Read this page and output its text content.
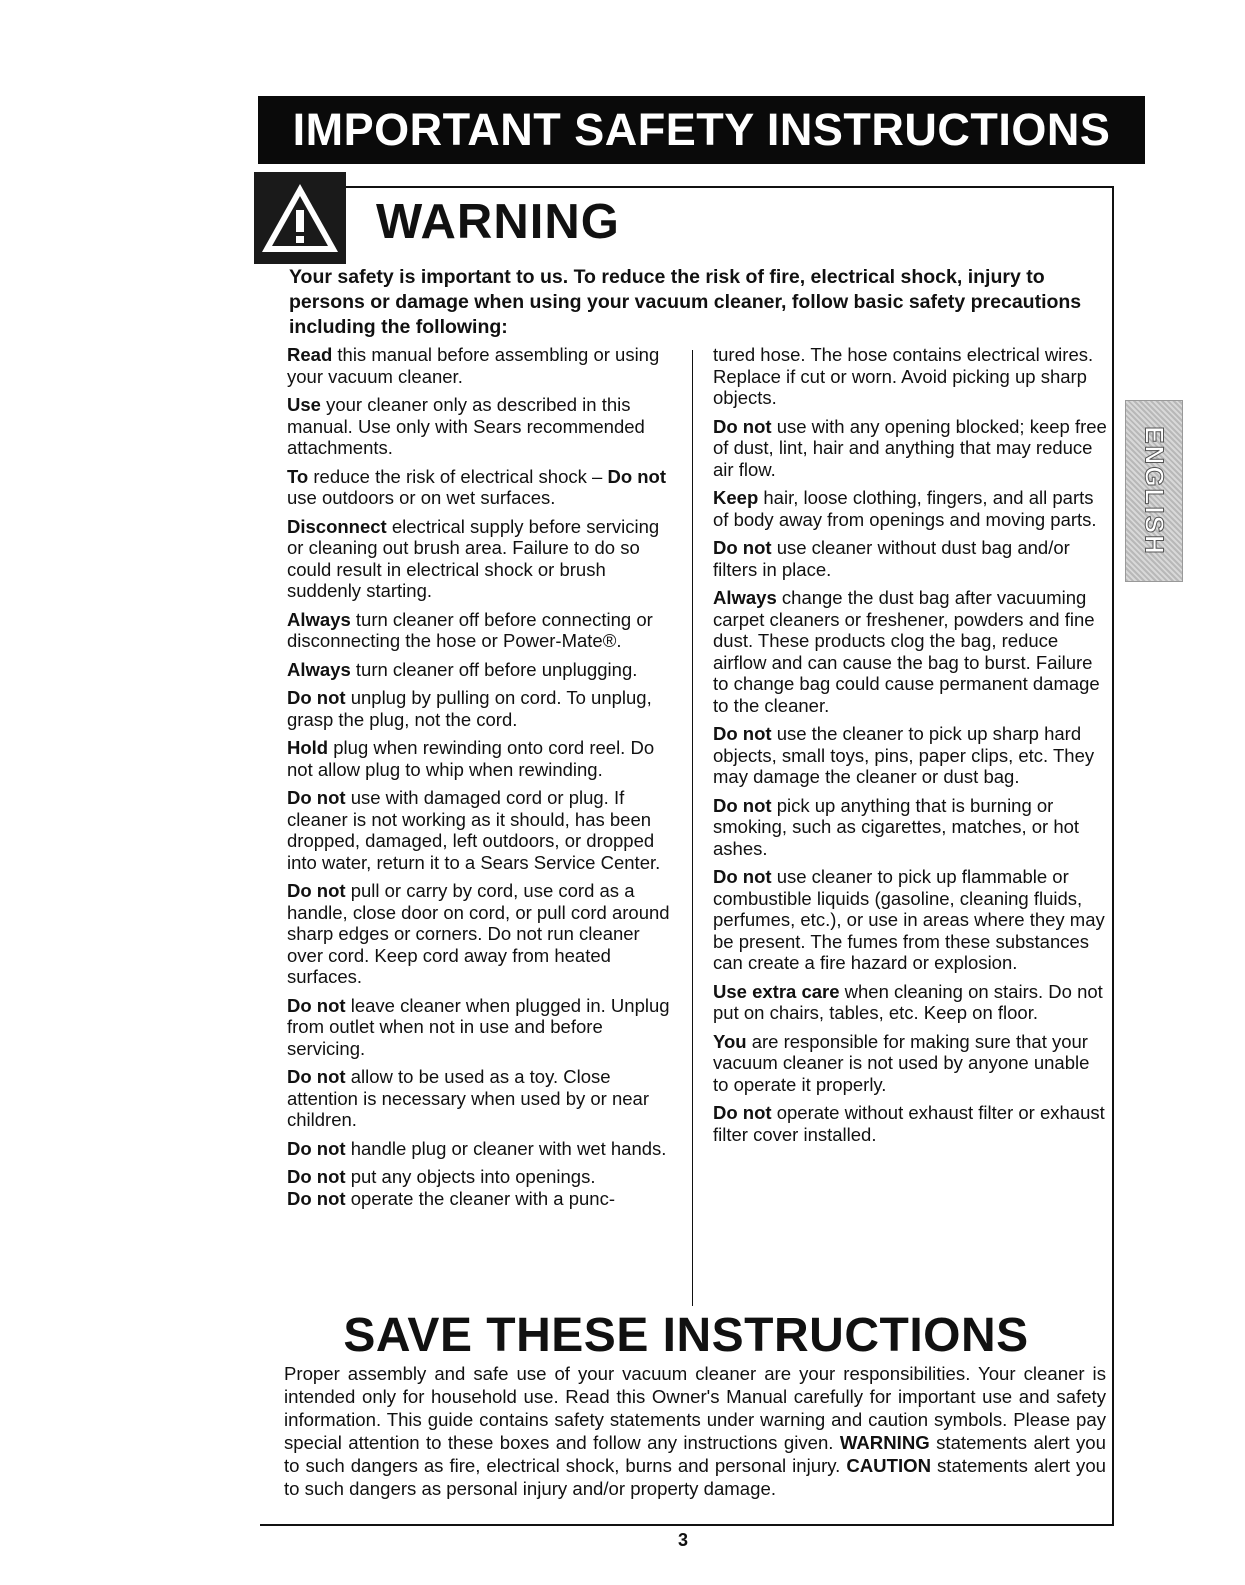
IMPORTANT SAFETY INSTRUCTIONS
WARNING
Your safety is important to us. To reduce the risk of fire, electrical shock, injury to persons or damage when using your vacuum cleaner, follow basic safety precautions including the following:
Read this manual before assembling or using your vacuum cleaner.
Use your cleaner only as described in this manual. Use only with Sears recommended attachments.
To reduce the risk of electrical shock – Do not use outdoors or on wet surfaces.
Disconnect electrical supply before servicing or cleaning out brush area. Failure to do so could result in electrical shock or brush suddenly starting.
Always turn cleaner off before connecting or disconnecting the hose or Power-Mate®.
Always turn cleaner off before unplugging.
Do not unplug by pulling on cord. To unplug, grasp the plug, not the cord.
Hold plug when rewinding onto cord reel. Do not allow plug to whip when rewinding.
Do not use with damaged cord or plug. If cleaner is not working as it should, has been dropped, damaged, left outdoors, or dropped into water, return it to a Sears Service Center.
Do not pull or carry by cord, use cord as a handle, close door on cord, or pull cord around sharp edges or corners. Do not run cleaner over cord. Keep cord away from heated surfaces.
Do not leave cleaner when plugged in. Unplug from outlet when not in use and before servicing.
Do not allow to be used as a toy. Close attention is necessary when used by or near children.
Do not handle plug or cleaner with wet hands.
Do not put any objects into openings.
Do not operate the cleaner with a punc-
tured hose. The hose contains electrical wires. Replace if cut or worn. Avoid picking up sharp objects.
Do not use with any opening blocked; keep free of dust, lint, hair and anything that may reduce air flow.
Keep hair, loose clothing, fingers, and all parts of body away from openings and moving parts.
Do not use cleaner without dust bag and/or filters in place.
Always change the dust bag after vacuuming carpet cleaners or freshener, powders and fine dust. These products clog the bag, reduce airflow and can cause the bag to burst. Failure to change bag could cause permanent damage to the cleaner.
Do not use the cleaner to pick up sharp hard objects, small toys, pins, paper clips, etc. They may damage the cleaner or dust bag.
Do not pick up anything that is burning or smoking, such as cigarettes, matches, or hot ashes.
Do not use cleaner to pick up flammable or combustible liquids (gasoline, cleaning fluids, perfumes, etc.), or use in areas where they may be present. The fumes from these substances can create a fire hazard or explosion.
Use extra care when cleaning on stairs. Do not put on chairs, tables, etc. Keep on floor.
You are responsible for making sure that your vacuum cleaner is not used by anyone unable to operate it properly.
Do not operate without exhaust filter or exhaust filter cover installed.
SAVE THESE INSTRUCTIONS
Proper assembly and safe use of your vacuum cleaner are your responsibilities. Your cleaner is intended only for household use. Read this Owner's Manual carefully for important use and safety information. This guide contains safety statements under warning and caution symbols. Please pay special attention to these boxes and follow any instructions given. WARNING statements alert you to such dangers as fire, electrical shock, burns and personal injury. CAUTION statements alert you to such dangers as personal injury and/or property damage.
3
ENGLISH
